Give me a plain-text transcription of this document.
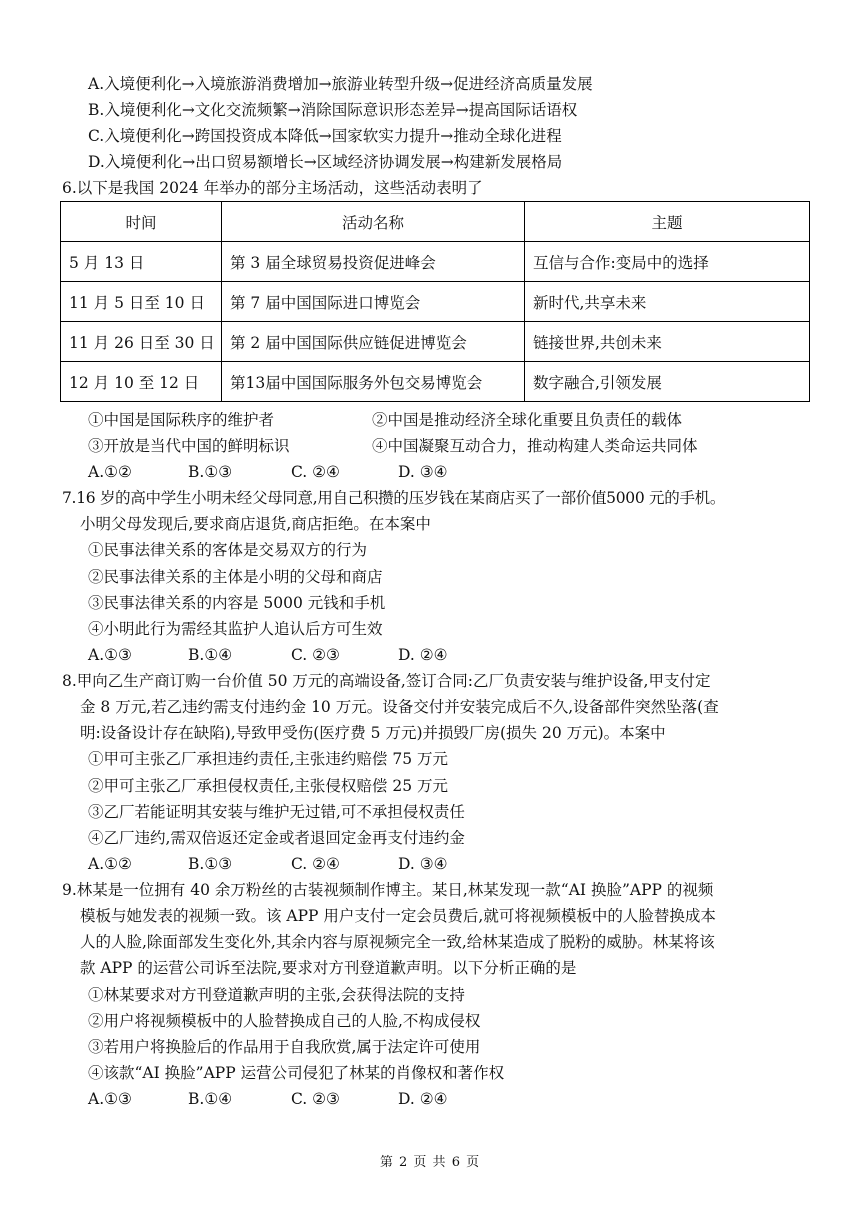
A.入境便利化→入境旅游消费增加→旅游业转型升级→促进经济高质量发展
B.入境便利化→文化交流频繁→消除国际意识形态差异→提高国际话语权
C.入境便利化→跨国投资成本降低→国家软实力提升→推动全球化进程
D.入境便利化→出口贸易额增长→区域经济协调发展→构建新发展格局
6.以下是我国 2024 年举办的部分主场活动，这些活动表明了
时间	活动名称	主题
5 月 13 日	第 3 届全球贸易投资促进峰会	互信与合作:变局中的选择
11 月 5 日至 10 日	第 7 届中国国际进口博览会	新时代,共享未来
11 月 26 日至 30 日	第 2 届中国国际供应链促进博览会	链接世界,共创未来
12 月 10 至 12 日	第13届中国国际服务外包交易博览会	数字融合,引领发展
①中国是国际秩序的维护者	②中国是推动经济全球化重要且负责任的载体
③开放是当代中国的鲜明标识	④中国凝聚互动合力，推动构建人类命运共同体
A.①②	B.①③	C. ②④	D. ③④
7.16 岁的高中学生小明未经父母同意,用自己积攒的压岁钱在某商店买了一部价值5000 元的手机。
小明父母发现后,要求商店退货,商店拒绝。在本案中
①民事法律关系的客体是交易双方的行为
②民事法律关系的主体是小明的父母和商店
③民事法律关系的内容是 5000 元钱和手机
④小明此行为需经其监护人追认后方可生效
A.①③	B.①④	C. ②③	D. ②④
8.甲向乙生产商订购一台价值 50 万元的高端设备,签订合同:乙厂负责安装与维护设备,甲支付定
金 8 万元,若乙违约需支付违约金 10 万元。设备交付并安装完成后不久,设备部件突然坠落(查
明:设备设计存在缺陷),导致甲受伤(医疗费 5 万元)并损毁厂房(损失 20 万元)。本案中
①甲可主张乙厂承担违约责任,主张违约赔偿 75 万元
②甲可主张乙厂承担侵权责任,主张侵权赔偿 25 万元
③乙厂若能证明其安装与维护无过错,可不承担侵权责任
④乙厂违约,需双倍返还定金或者退回定金再支付违约金
A.①②	B.①③	C. ②④	D. ③④
9.林某是一位拥有 40 余万粉丝的古装视频制作博主。某日,林某发现一款“AI 换脸”APP 的视频
模板与她发表的视频一致。该 APP 用户支付一定会员费后,就可将视频模板中的人脸替换成本
人的人脸,除面部发生变化外,其余内容与原视频完全一致,给林某造成了脱粉的威胁。林某将该
款 APP 的运营公司诉至法院,要求对方刊登道歉声明。以下分析正确的是
①林某要求对方刊登道歉声明的主张,会获得法院的支持
②用户将视频模板中的人脸替换成自己的人脸,不构成侵权
③若用户将换脸后的作品用于自我欣赏,属于法定许可使用
④该款“AI 换脸”APP 运营公司侵犯了林某的肖像权和著作权
A.①③	B.①④	C. ②③	D. ②④
第 2 页 共 6 页
